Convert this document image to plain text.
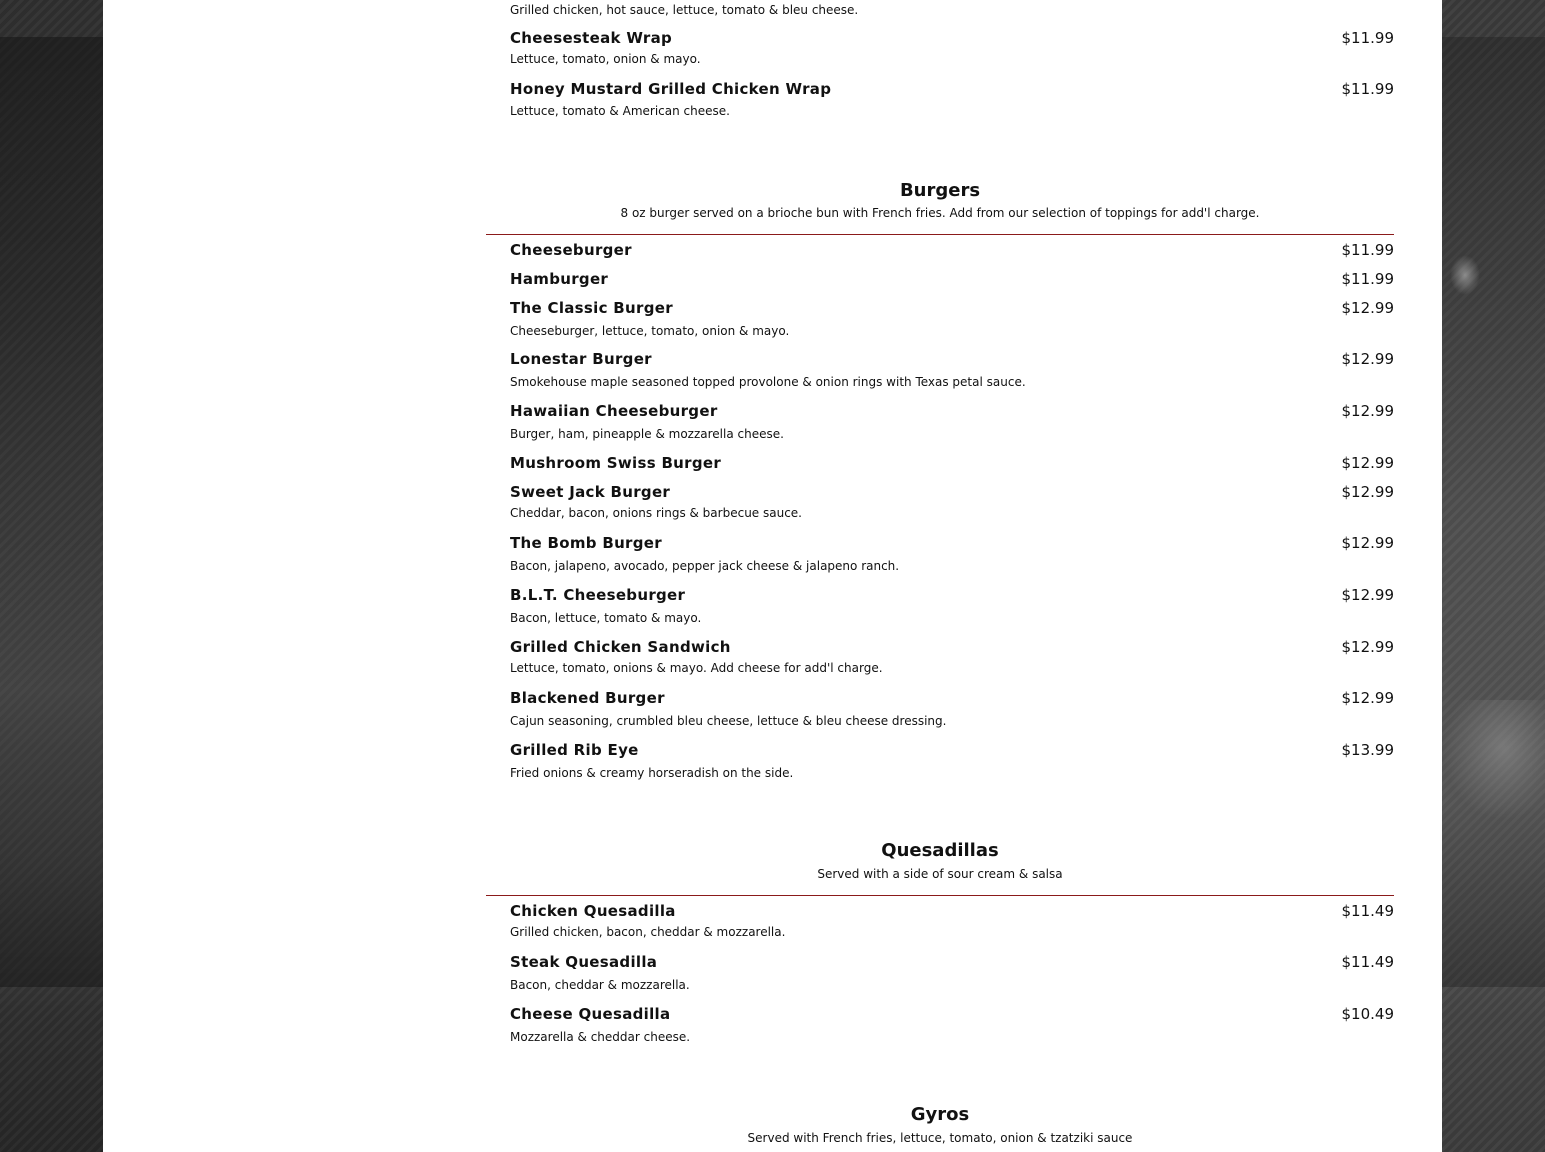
Grilled chicken, hot sauce, lettuce, tomato & bleu cheese.
Cheesesteak Wrap	$11.99
Lettuce, tomato, onion & mayo.
Honey Mustard Grilled Chicken Wrap	$11.99
Lettuce, tomato & American cheese.
Burgers
8 oz burger served on a brioche bun with French fries. Add from our selection of toppings for add'l charge.
Cheeseburger	$11.99
Hamburger	$11.99
The Classic Burger	$12.99
Cheeseburger, lettuce, tomato, onion & mayo.
Lonestar Burger	$12.99
Smokehouse maple seasoned topped provolone & onion rings with Texas petal sauce.
Hawaiian Cheeseburger	$12.99
Burger, ham, pineapple & mozzarella cheese.
Mushroom Swiss Burger	$12.99
Sweet Jack Burger	$12.99
Cheddar, bacon, onions rings & barbecue sauce.
The Bomb Burger	$12.99
Bacon, jalapeno, avocado, pepper jack cheese & jalapeno ranch.
B.L.T. Cheeseburger	$12.99
Bacon, lettuce, tomato & mayo.
Grilled Chicken Sandwich	$12.99
Lettuce, tomato, onions & mayo. Add cheese for add'l charge.
Blackened Burger	$12.99
Cajun seasoning, crumbled bleu cheese, lettuce & bleu cheese dressing.
Grilled Rib Eye	$13.99
Fried onions & creamy horseradish on the side.
Quesadillas
Served with a side of sour cream & salsa
Chicken Quesadilla	$11.49
Grilled chicken, bacon, cheddar & mozzarella.
Steak Quesadilla	$11.49
Bacon, cheddar & mozzarella.
Cheese Quesadilla	$10.49
Mozzarella & cheddar cheese.
Gyros
Served with French fries, lettuce, tomato, onion & tzatziki sauce
